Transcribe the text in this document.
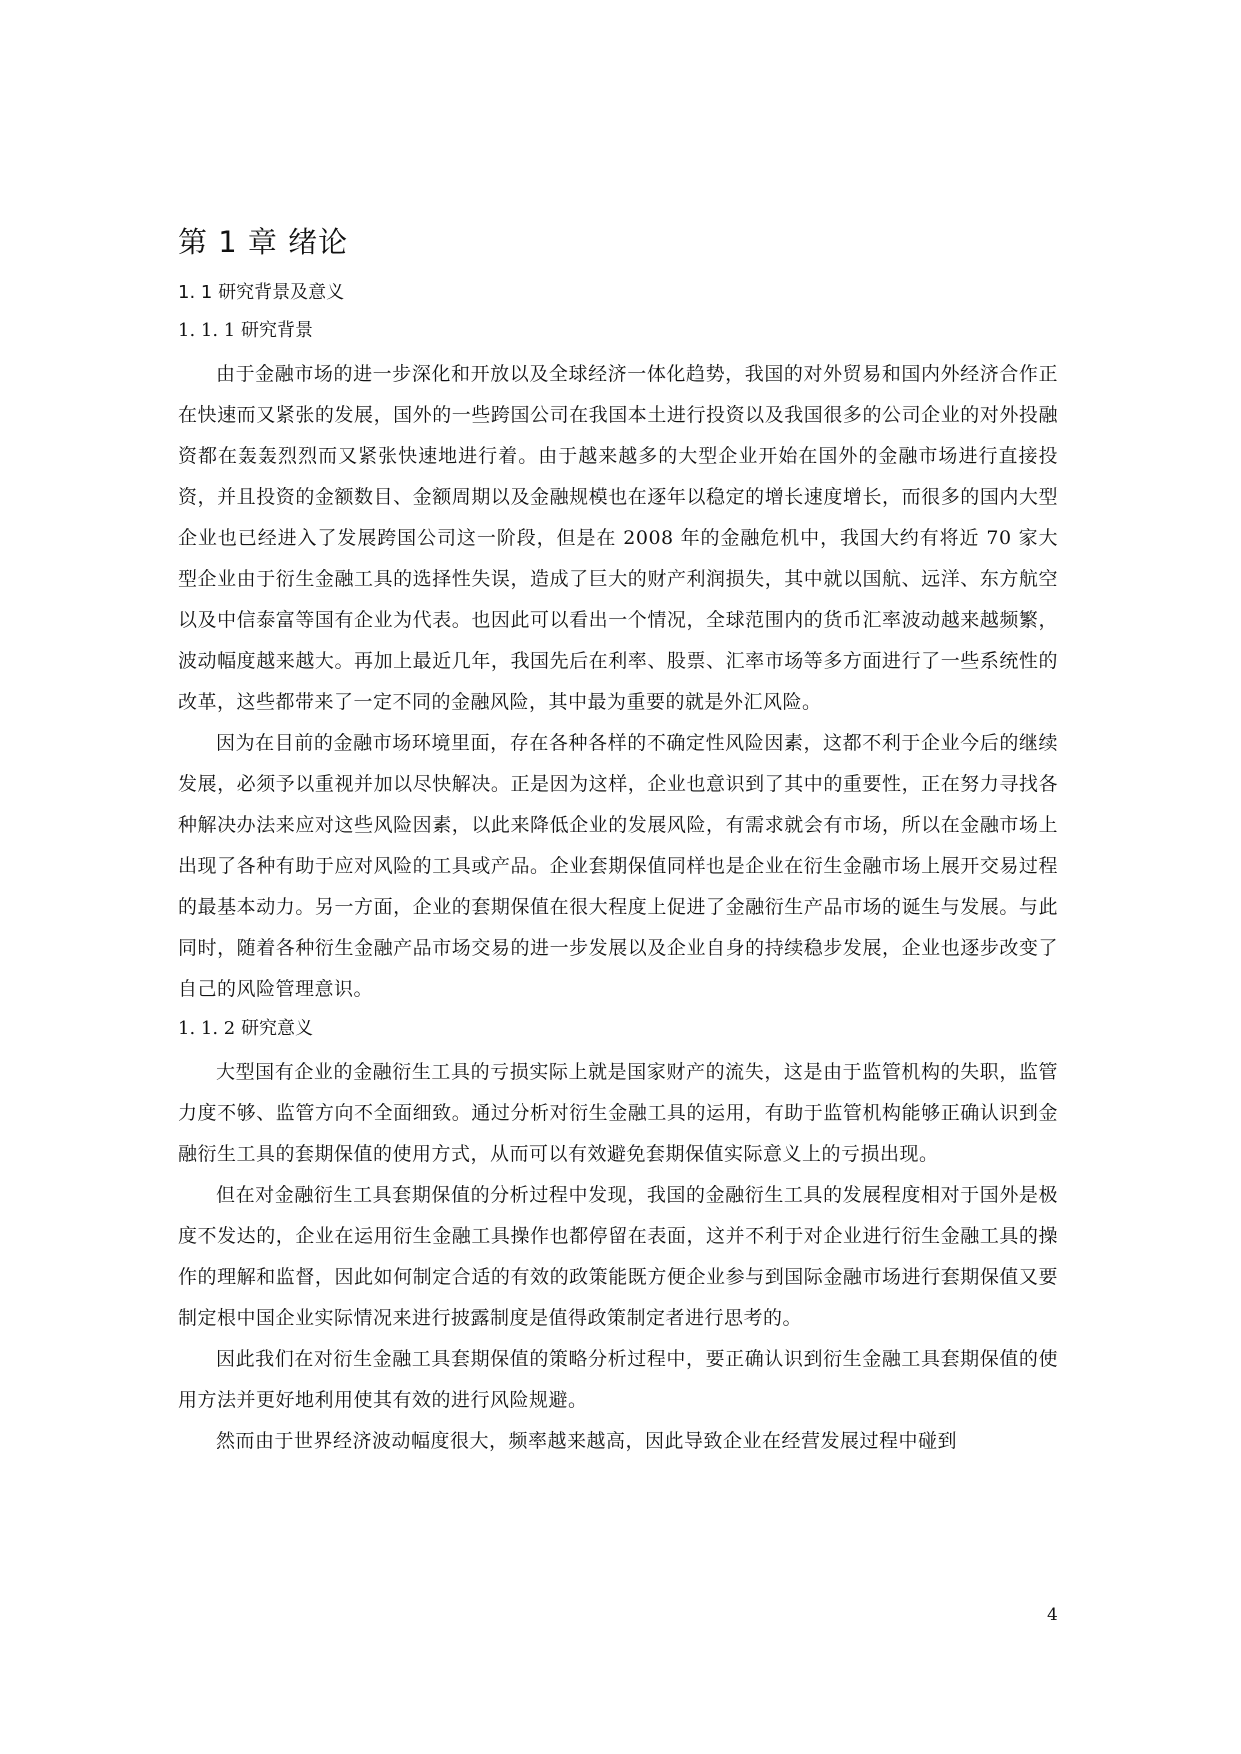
第 1 章 绪论
1. 1 研究背景及意义
1. 1. 1 研究背景

由于金融市场的进一步深化和开放以及全球经济一体化趋势，我国的对外贸易和国内外经济合作正在快速而又紧张的发展，国外的一些跨国公司在我国本土进行投资以及我国很多的公司企业的对外投融资都在轰轰烈烈而又紧张快速地进行着。由于越来越多的大型企业开始在国外的金融市场进行直接投资，并且投资的金额数目、金额周期以及金融规模也在逐年以稳定的增长速度增长，而很多的国内大型企业也已经进入了发展跨国公司这一阶段，但是在 2008 年的金融危机中，我国大约有将近 70 家大型企业由于衍生金融工具的选择性失误，造成了巨大的财产利润损失，其中就以国航、远洋、东方航空以及中信泰富等国有企业为代表。也因此可以看出一个情况，全球范围内的货币汇率波动越来越频繁，波动幅度越来越大。再加上最近几年，我国先后在利率、股票、汇率市场等多方面进行了一些系统性的改革，这些都带来了一定不同的金融风险，其中最为重要的就是外汇风险。

因为在目前的金融市场环境里面，存在各种各样的不确定性风险因素，这都不利于企业今后的继续发展，必须予以重视并加以尽快解决。正是因为这样，企业也意识到了其中的重要性，正在努力寻找各种解决办法来应对这些风险因素，以此来降低企业的发展风险，有需求就会有市场，所以在金融市场上出现了各种有助于应对风险的工具或产品。企业套期保值同样也是企业在衍生金融市场上展开交易过程的最基本动力。另一方面，企业的套期保值在很大程度上促进了金融衍生产品市场的诞生与发展。与此同时，随着各种衍生金融产品市场交易的进一步发展以及企业自身的持续稳步发展，企业也逐步改变了自己的风险管理意识。

1. 1. 2 研究意义

大型国有企业的金融衍生工具的亏损实际上就是国家财产的流失，这是由于监管机构的失职，监管力度不够、监管方向不全面细致。通过分析对衍生金融工具的运用，有助于监管机构能够正确认识到金融衍生工具的套期保值的使用方式，从而可以有效避免套期保值实际意义上的亏损出现。

但在对金融衍生工具套期保值的分析过程中发现，我国的金融衍生工具的发展程度相对于国外是极度不发达的，企业在运用衍生金融工具操作也都停留在表面，这并不利于对企业进行衍生金融工具的操作的理解和监督，因此如何制定合适的有效的政策能既方便企业参与到国际金融市场进行套期保值又要制定根中国企业实际情况来进行披露制度是值得政策制定者进行思考的。

因此我们在对衍生金融工具套期保值的策略分析过程中，要正确认识到衍生金融工具套期保值的使用方法并更好地利用使其有效的进行风险规避。

然而由于世界经济波动幅度很大，频率越来越高，因此导致企业在经营发展过程中碰到

4
